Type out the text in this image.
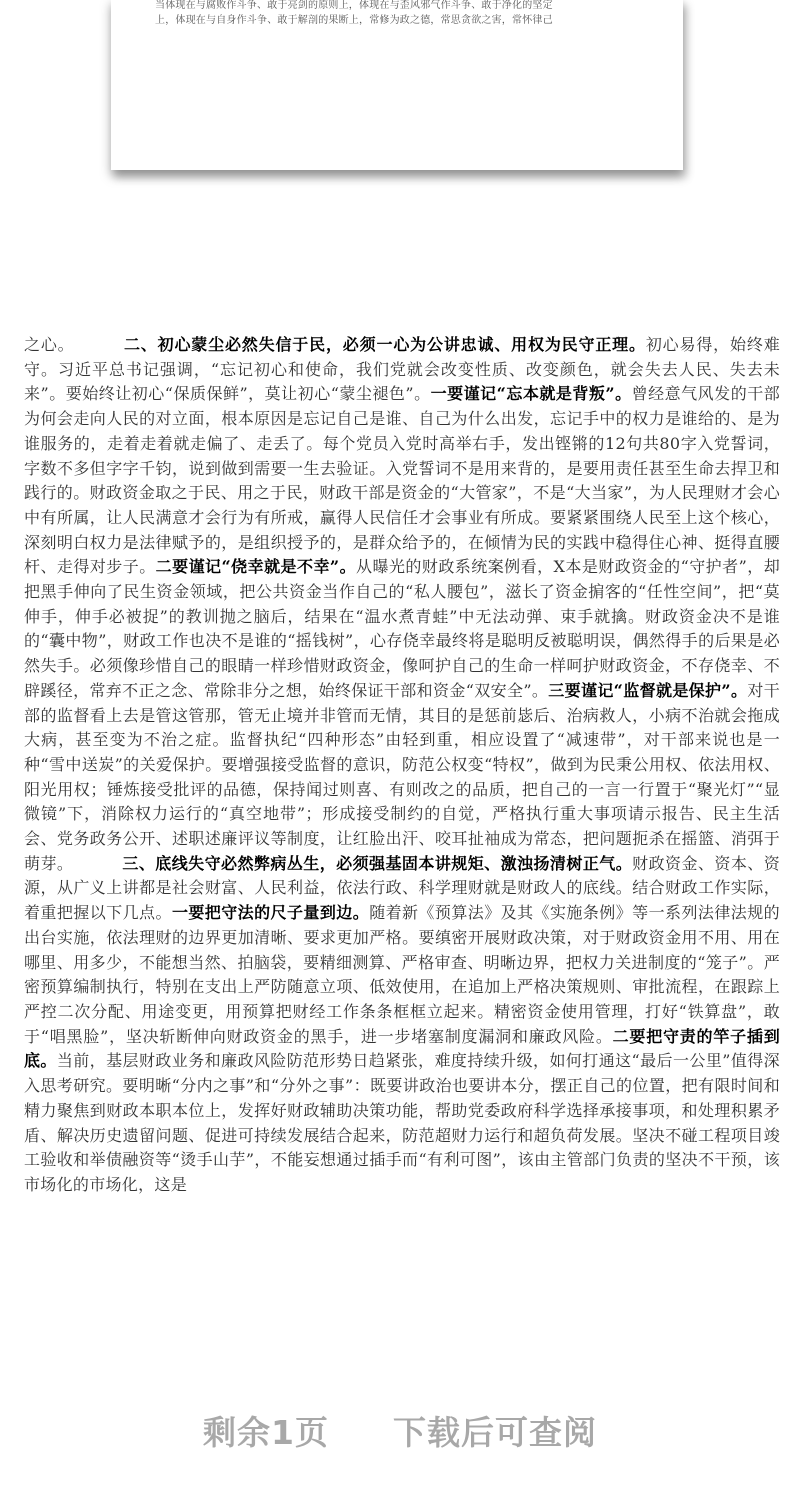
当体现在与腐败作斗争、敢于亮剑的原则上，体现在与歪风邪气作斗争、敢于净化的坚定
上，体现在与自身作斗争、敢于解剖的果断上，常修为政之德，常思贪欲之害，常怀律己

之心。   	二、初心蒙尘必然失信于民，必须一心为公讲忠诚、用权为民守正理。初心易得，始终难守。习近平总书记强调，“忘记初心和使命，我们党就会改变性质、改变颜色，就会失去人民、失去未来”。要始终让初心“保质保鲜”，莫让初心“蒙尘褪色”。一要谨记“忘本就是背叛”。曾经意气风发的干部为何会走向人民的对立面，根本原因是忘记自己是谁、自己为什么出发，忘记手中的权力是谁给的、是为谁服务的，走着走着就走偏了、走丢了。每个党员入党时高举右手，发出铿锵的12句共80字入党誓词，字数不多但字字千钧，说到做到需要一生去验证。入党誓词不是用来背的，是要用责任甚至生命去捍卫和践行的。财政资金取之于民、用之于民，财政干部是资金的“大管家”，不是“大当家”，为人民理财才会心中有所属，让人民满意才会行为有所戒，赢得人民信任才会事业有所成。要紧紧围绕人民至上这个核心，深刻明白权力是法律赋予的，是组织授予的，是群众给予的，在倾情为民的实践中稳得住心神、挺得直腰杆、走得对步子。二要谨记“侥幸就是不幸”。从曝光的财政系统案例看，X本是财政资金的“守护者”，却把黑手伸向了民生资金领域，把公共资金当作自己的“私人腰包”，滋长了资金掮客的“任性空间”，把“莫伸手，伸手必被捉”的教训抛之脑后，结果在“温水煮青蛙”中无法动弹、束手就擒。财政资金决不是谁的“囊中物”，财政工作也决不是谁的“摇钱树”，心存侥幸最终将是聪明反被聪明误，偶然得手的后果是必然失手。必须像珍惜自己的眼睛一样珍惜财政资金，像呵护自己的生命一样呵护财政资金，不存侥幸、不辟蹊径，常弃不正之念、常除非分之想，始终保证干部和资金“双安全”。三要谨记“监督就是保护”。对干部的监督看上去是管这管那，管无止境并非管而无情，其目的是惩前毖后、治病救人，小病不治就会拖成大病，甚至变为不治之症。监督执纪“四种形态”由轻到重，相应设置了“减速带”，对干部来说也是一种“雪中送炭”的关爱保护。要增强接受监督的意识，防范公权变“特权”，做到为民秉公用权、依法用权、阳光用权；锤炼接受批评的品德，保持闻过则喜、有则改之的品质，把自己的一言一行置于“聚光灯”“显微镜”下，消除权力运行的“真空地带”；形成接受制约的自觉，严格执行重大事项请示报告、民主生活会、党务政务公开、述职述廉评议等制度，让红脸出汗、咬耳扯袖成为常态，把问题扼杀在摇篮、消弭于萌芽。   	三、底线失守必然弊病丛生，必须强基固本讲规矩、激浊扬清树正气。财政资金、资本、资源，从广义上讲都是社会财富、人民利益，依法行政、科学理财就是财政人的底线。结合财政工作实际，着重把握以下几点。一要把守法的尺子量到边。随着新《预算法》及其《实施条例》等一系列法律法规的出台实施，依法理财的边界更加清晰、要求更加严格。要缜密开展财政决策，对于财政资金用不用、用在哪里、用多少，不能想当然、拍脑袋，要精细测算、严格审查、明晰边界，把权力关进制度的“笼子”。严密预算编制执行，特别在支出上严防随意立项、低效使用，在追加上严格决策规则、审批流程，在跟踪上严控二次分配、用途变更，用预算把财经工作条条框框立起来。精密资金使用管理，打好“铁算盘”，敢于“唱黑脸”，坚决斩断伸向财政资金的黑手，进一步堵塞制度漏洞和廉政风险。二要把守责的竿子插到底。当前，基层财政业务和廉政风险防范形势日趋紧张，难度持续升级，如何打通这“最后一公里”值得深入思考研究。要明晰“分内之事”和“分外之事”：既要讲政治也要讲本分，摆正自己的位置，把有限时间和精力聚焦到财政本职本位上，发挥好财政辅助决策功能，帮助党委政府科学选择承接事项，和处理积累矛盾、解决历史遗留问题、促进可持续发展结合起来，防范超财力运行和超负荷发展。坚决不碰工程项目竣工验收和举债融资等“烫手山芋”，不能妄想通过插手而“有利可图”，该由主管部门负责的坚决不干预，该市场化的市场化，这是

剩余1页 下载后可查阅
